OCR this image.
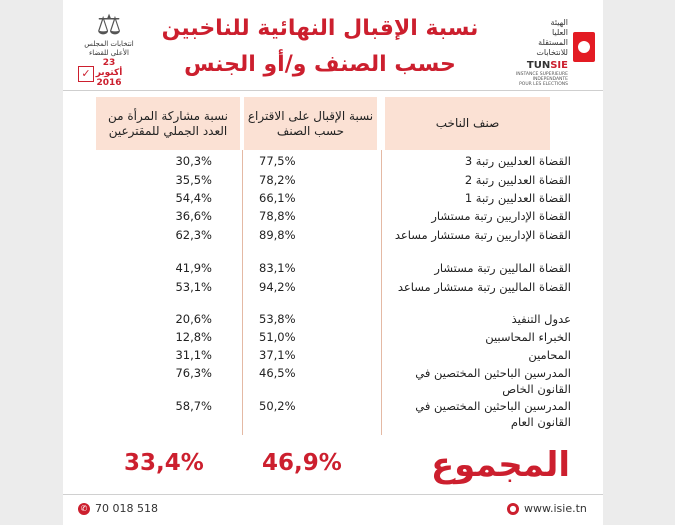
⚖
انتخابات المجلس
الأعلى للقضاء
23
أكتوبر
2016
✓
نسبة الإقبال النهائية للناخبين
حسب الصنف و/أو الجنس
الهيئة
العليا
المستقلة
للانتخابات
TUNSIE
INSTANCE SUPERIEURE
INDEPENDANTE
POUR LES ELECTIONS
صنف الناخب
نسبة الإقبال على الاقتراع حسب الصنف
نسبة مشاركة المرأة من العدد الجملي للمقترعين
القضاة العدليين رتبة 3
77,5%
30,3%
القضاة العدليين رتبة 2
78,2%
35,5%
القضاة العدليين رتبة 1
66,1%
54,4%
القضاة الإداريين رتبة مستشار
78,8%
36,6%
القضاة الإداريين رتبة مستشار مساعد
89,8%
62,3%
القضاة الماليين رتبة مستشار
83,1%
41,9%
القضاة الماليين رتبة مستشار مساعد
94,2%
53,1%
عدول التنفيذ
53,8%
20,6%
الخبراء المحاسبين
51,0%
12,8%
المحامين
37,1%
31,1%
المدرسين الباحثين المختصين في القانون الخاص
46,5%
76,3%
المدرسين الباحثين المختصين في القانون العام
50,2%
58,7%
المجموع
46,9%
33,4%
✆ 70 018 518	● www.isie.tn
